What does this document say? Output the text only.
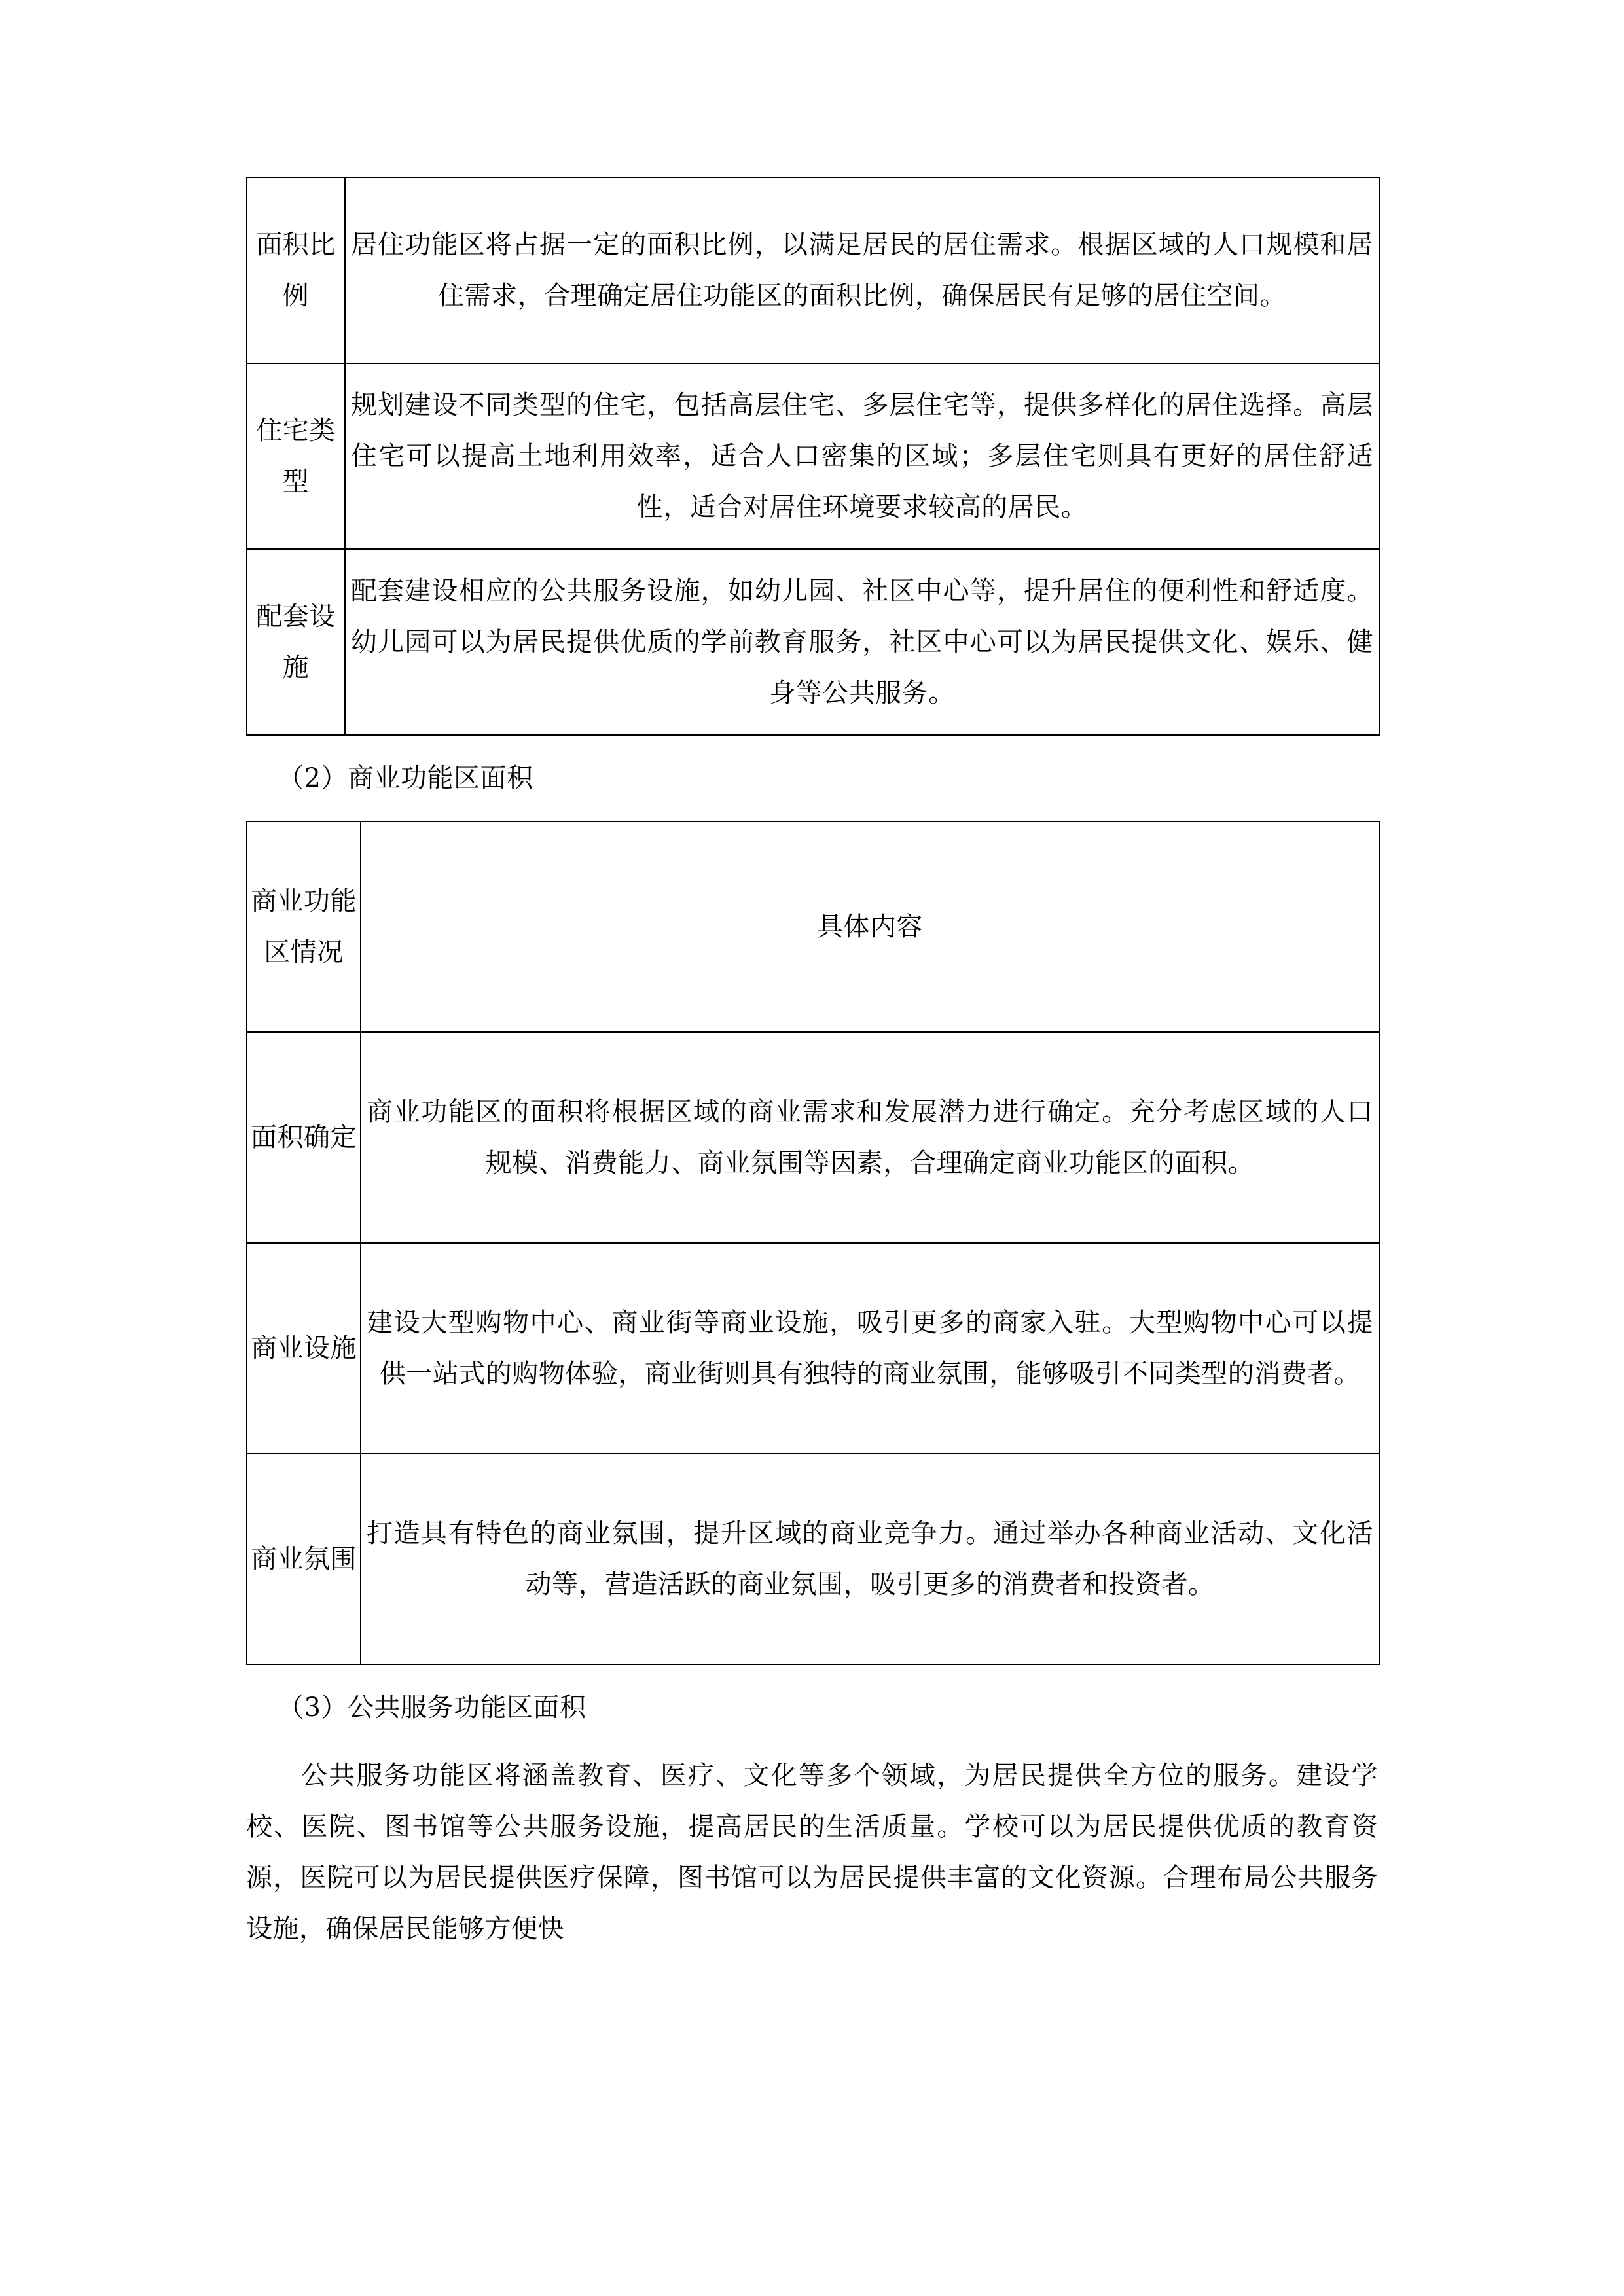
面积比例	居住功能区将占据一定的面积比例，以满足居民的居住需求。根据区域的人口规模和居住需求，合理确定居住功能区的面积比例，确保居民有足够的居住空间。
住宅类型	规划建设不同类型的住宅，包括高层住宅、多层住宅等，提供多样化的居住选择。高层住宅可以提高土地利用效率，适合人口密集的区域；多层住宅则具有更好的居住舒适性，适合对居住环境要求较高的居民。
配套设施	配套建设相应的公共服务设施，如幼儿园、社区中心等，提升居住的便利性和舒适度。幼儿园可以为居民提供优质的学前教育服务，社区中心可以为居民提供文化、娱乐、健身等公共服务。

（2）商业功能区面积

商业功能区情况	具体内容
面积确定	商业功能区的面积将根据区域的商业需求和发展潜力进行确定。充分考虑区域的人口规模、消费能力、商业氛围等因素，合理确定商业功能区的面积。
商业设施	建设大型购物中心、商业街等商业设施，吸引更多的商家入驻。大型购物中心可以提供一站式的购物体验，商业街则具有独特的商业氛围，能够吸引不同类型的消费者。
商业氛围	打造具有特色的商业氛围，提升区域的商业竞争力。通过举办各种商业活动、文化活动等，营造活跃的商业氛围，吸引更多的消费者和投资者。

（3）公共服务功能区面积

公共服务功能区将涵盖教育、医疗、文化等多个领域，为居民提供全方位的服务。建设学校、医院、图书馆等公共服务设施，提高居民的生活质量。学校可以为居民提供优质的教育资源，医院可以为居民提供医疗保障，图书馆可以为居民提供丰富的文化资源。合理布局公共服务设施，确保居民能够方便快
